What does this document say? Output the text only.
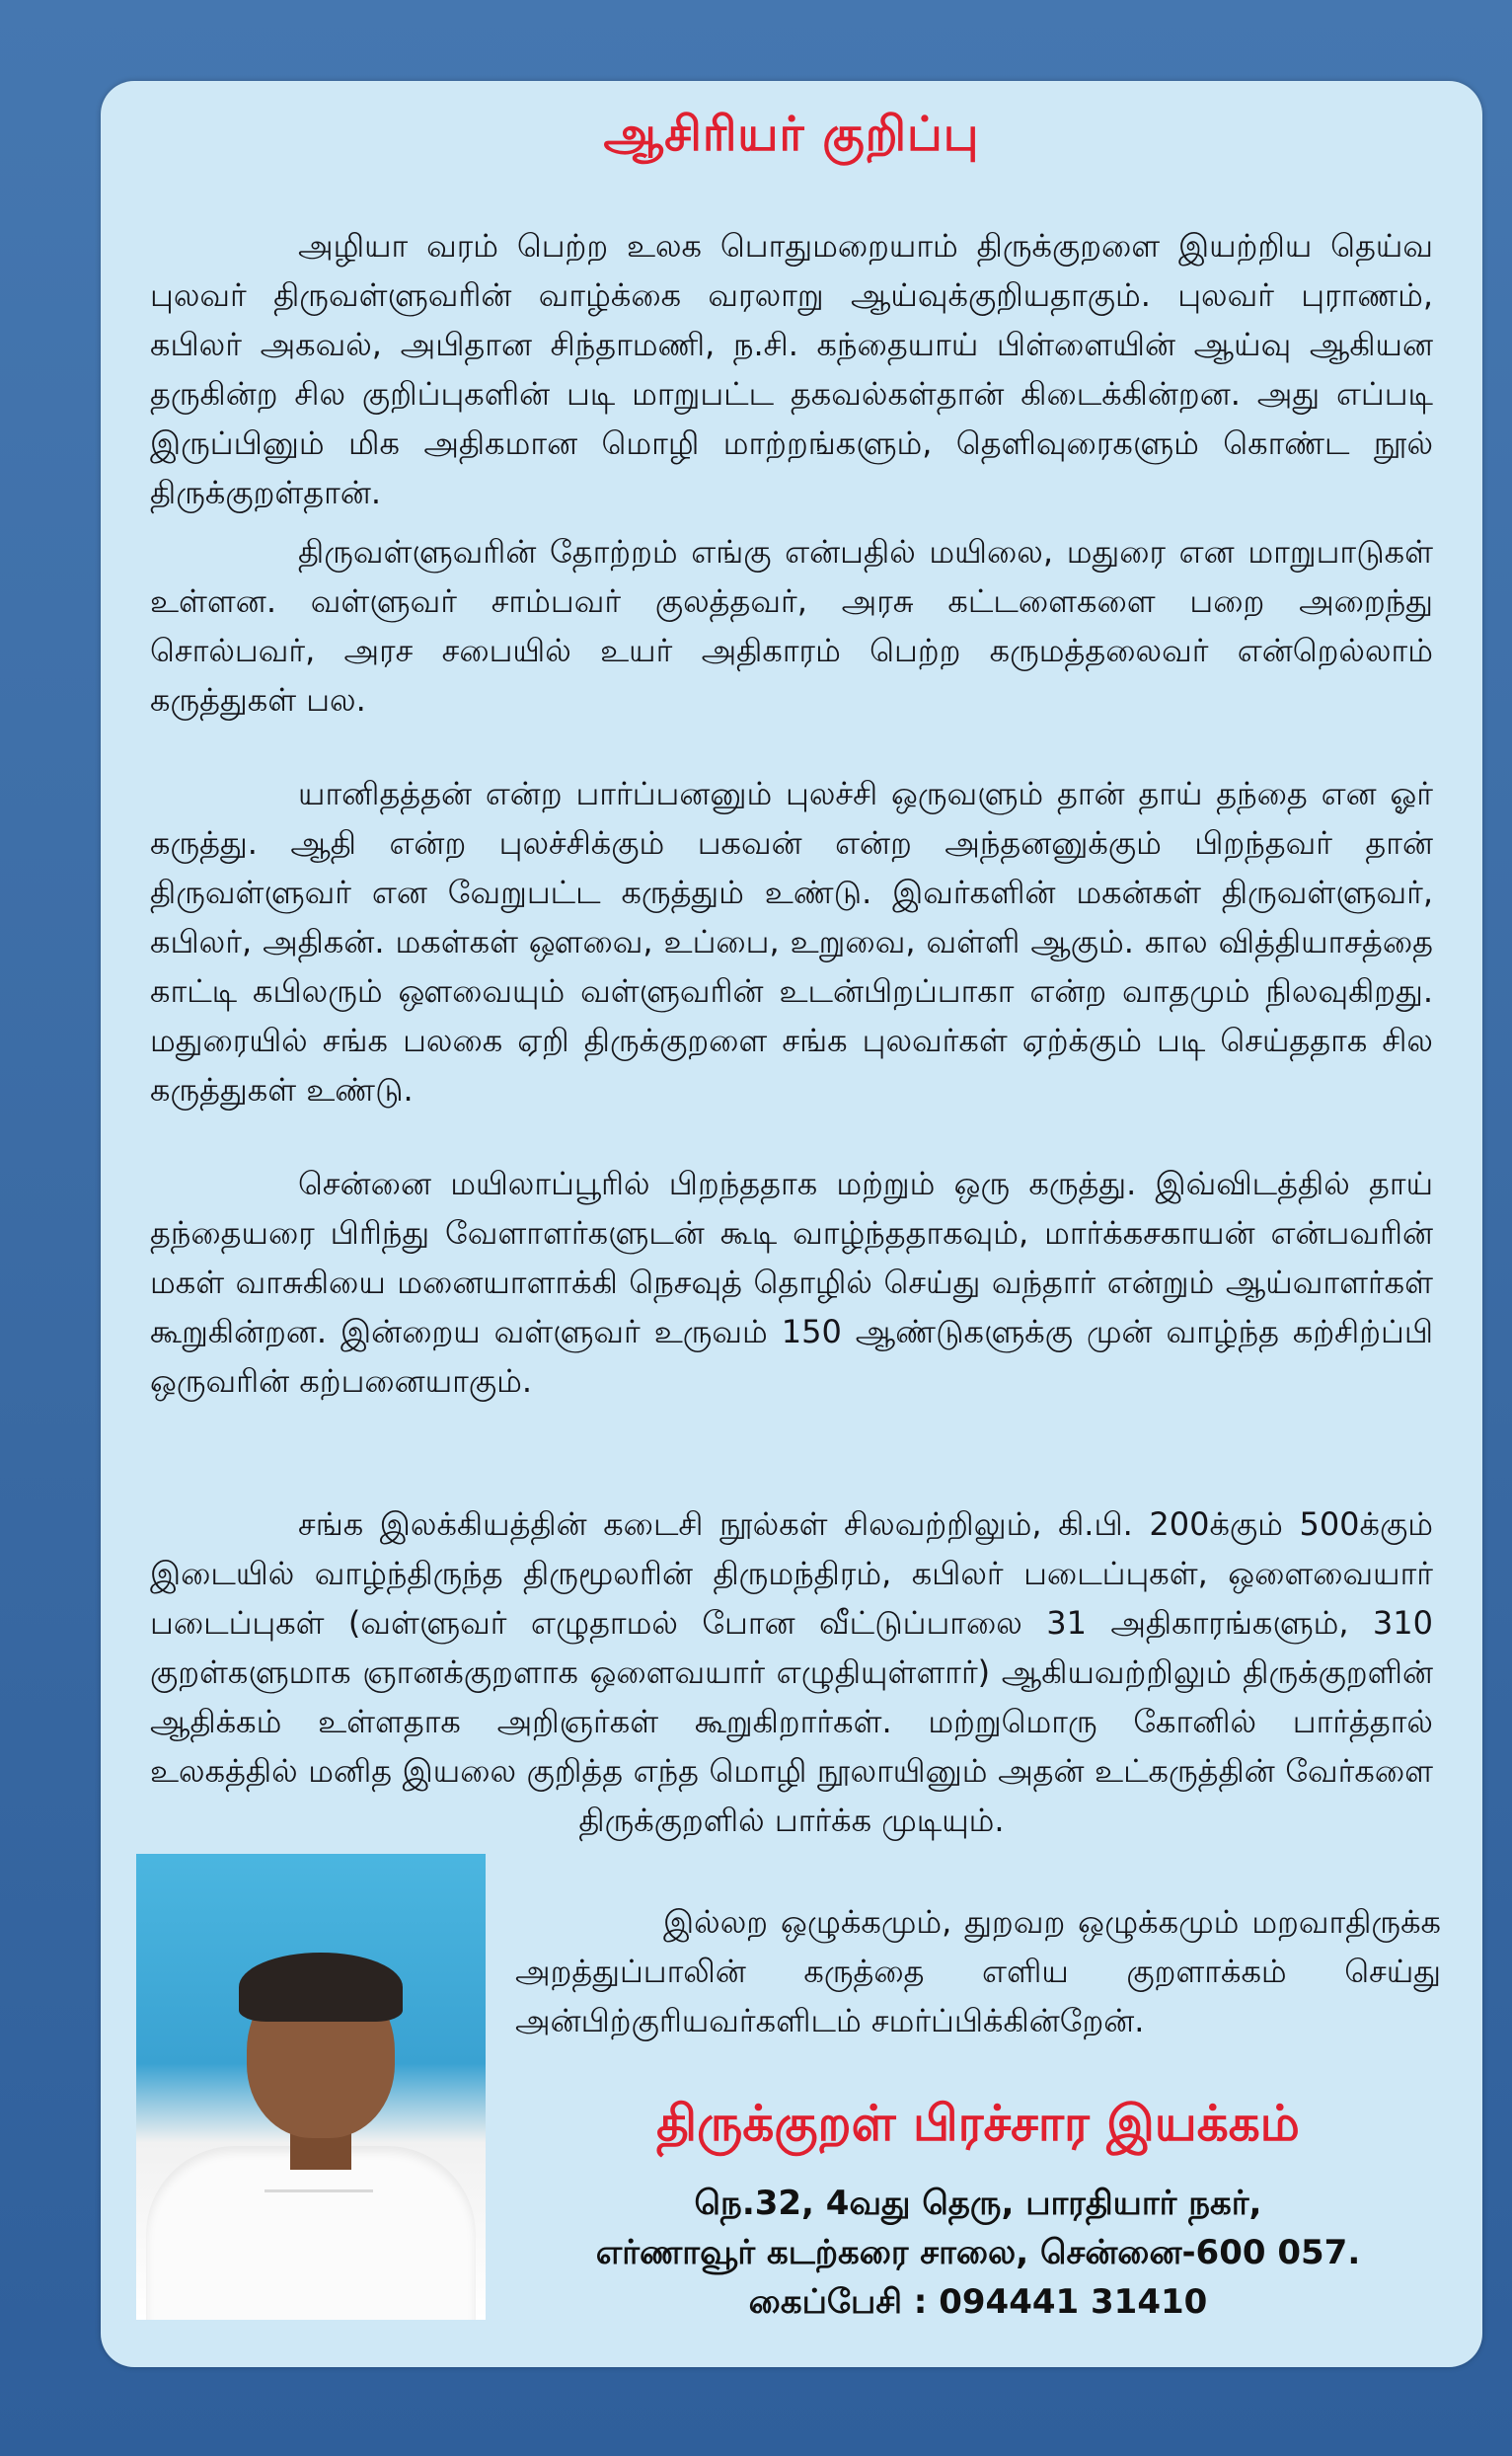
ஆசிரியர் குறிப்பு

அழியா வரம் பெற்ற உலக பொதுமறையாம் திருக்குறளை இயற்றிய தெய்வ புலவர் திருவள்ளுவரின் வாழ்க்கை வரலாறு ஆய்வுக்குறியதாகும். புலவர் புராணம், கபிலர் அகவல், அபிதான சிந்தாமணி, ந.சி. கந்தையாய் பிள்ளையின் ஆய்வு ஆகியன தருகின்ற சில குறிப்புகளின் படி மாறுபட்ட தகவல்கள்தான் கிடைக்கின்றன. அது எப்படி இருப்பினும் மிக அதிகமான மொழி மாற்றங்களும், தெளிவுரைகளும் கொண்ட நூல் திருக்குறள்தான்.

திருவள்ளுவரின் தோற்றம் எங்கு என்பதில் மயிலை, மதுரை என மாறுபாடுகள் உள்ளன. வள்ளுவர் சாம்பவர் குலத்தவர், அரசு கட்டளைகளை பறை அறைந்து சொல்பவர், அரச சபையில் உயர் அதிகாரம் பெற்ற கருமத்தலைவர் என்றெல்லாம் கருத்துகள் பல.

யானிதத்தன் என்ற பார்ப்பனனும் புலச்சி ஒருவளும் தான் தாய் தந்தை என ஓர் கருத்து. ஆதி என்ற புலச்சிக்கும் பகவன் என்ற அந்தனனுக்கும் பிறந்தவர் தான் திருவள்ளுவர் என வேறுபட்ட கருத்தும் உண்டு. இவர்களின் மகன்கள் திருவள்ளுவர், கபிலர், அதிகன். மகள்கள் ஔவை, உப்பை, உறுவை, வள்ளி ஆகும். கால வித்தியாசத்தை காட்டி கபிலரும் ஔவையும் வள்ளுவரின் உடன்பிறப்பாகா என்ற வாதமும் நிலவுகிறது. மதுரையில் சங்க பலகை ஏறி திருக்குறளை சங்க புலவர்கள் ஏற்க்கும் படி செய்ததாக சில கருத்துகள் உண்டு.

சென்னை மயிலாப்பூரில் பிறந்ததாக மற்றும் ஒரு கருத்து. இவ்விடத்தில் தாய் தந்தையரை பிரிந்து வேளாளர்களுடன் கூடி வாழ்ந்ததாகவும், மார்க்கசகாயன் என்பவரின் மகள் வாசுகியை மனையாளாக்கி நெசவுத் தொழில் செய்து வந்தார் என்றும் ஆய்வாளர்கள் கூறுகின்றன. இன்றைய வள்ளுவர் உருவம் 150 ஆண்டுகளுக்கு முன் வாழ்ந்த கற்சிற்ப்பி ஒருவரின் கற்பனையாகும்.

சங்க இலக்கியத்தின் கடைசி நூல்கள் சிலவற்றிலும், கி.பி. 200க்கும் 500க்கும் இடையில் வாழ்ந்திருந்த திருமூலரின் திருமந்திரம், கபிலர் படைப்புகள், ஒளைவையார் படைப்புகள் (வள்ளுவர் எழுதாமல் போன வீட்டுப்பாலை 31 அதிகாரங்களும், 310 குறள்களுமாக ஞானக்குறளாக ஒளைவயார் எழுதியுள்ளார்) ஆகியவற்றிலும் திருக்குறளின் ஆதிக்கம் உள்ளதாக அறிஞர்கள் கூறுகிறார்கள். மற்றுமொரு கோனில் பார்த்தால் உலகத்தில் மனித இயலை குறித்த எந்த மொழி நூலாயினும் அதன் உட்கருத்தின் வேர்களை திருக்குறளில் பார்க்க முடியும்.

இல்லற ஒழுக்கமும், துறவற ஒழுக்கமும் மறவாதிருக்க அறத்துப்பாலின் கருத்தை எளிய குறளாக்கம் செய்து அன்பிற்குரியவர்களிடம் சமர்ப்பிக்கின்றேன்.

திருக்குறள் பிரச்சார இயக்கம்
நெ.32, 4வது தெரு, பாரதியார் நகர்,
எர்ணாவூர் கடற்கரை சாலை, சென்னை-600 057.
கைப்பேசி : 094441 31410
